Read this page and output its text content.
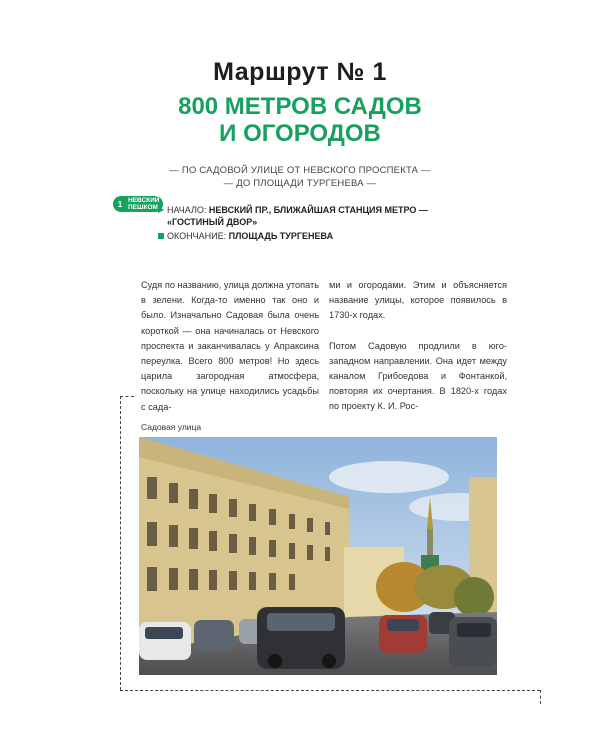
Маршрут № 1
800 МЕТРОВ САДОВ
И ОГОРОДОВ
— ПО САДОВОЙ УЛИЦЕ ОТ НЕВСКОГО ПРОСПЕКТА —
— ДО ПЛОЩАДИ ТУРГЕНЕВА —
1 НЕВСКИЙ
ПЕШКОМ ▶ НАЧАЛО: НЕВСКИЙ ПР., БЛИЖАЙШАЯ СТАНЦИЯ МЕТРО —
«ГОСТИНЫЙ ДВОР»
ОКОНЧАНИЕ: ПЛОЩАДЬ ТУРГЕНЕВА

Судя по названию, улица должна утопать в зелени. Когда-то именно так оно и было. Изначально Садовая была очень короткой — она начиналась от Невского проспекта и заканчивалась у Апраксина переулка. Всего 800 метров! Но здесь царила загородная атмосфера, поскольку на улице находились усадьбы с сада-

ми и огородами. Этим и объясняется название улицы, которое появилось в 1730-х годах.

Потом Садовую продлили в юго-западном направлении. Она идет между каналом Грибоедова и Фонтанкой, повторяя их очертания. В 1820-х годах по проекту К. И. Рос-

Садовая улица
